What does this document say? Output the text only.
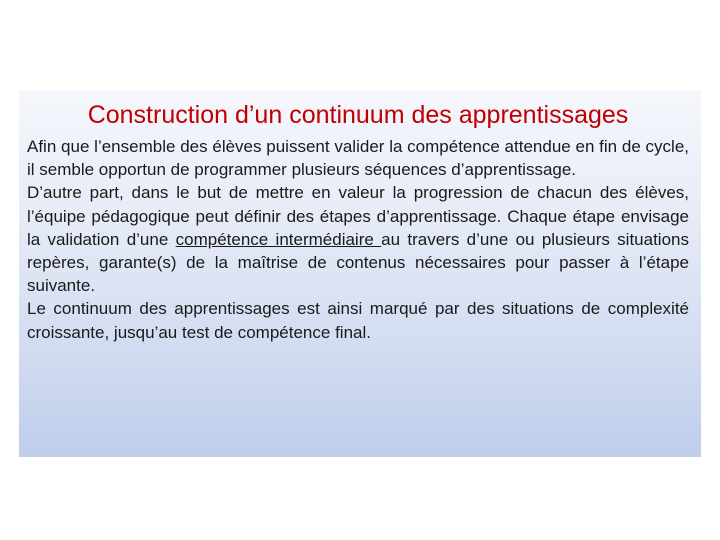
Construction d’un continuum des apprentissages

Afin que l’ensemble des élèves puissent valider la compétence attendue en fin de cycle, il semble opportun de programmer plusieurs séquences d’apprentissage.

D’autre part, dans le but de mettre en valeur la progression de chacun des élèves, l’équipe pédagogique peut définir des étapes d’apprentissage. Chaque étape envisage la validation d’une compétence intermédiaire au travers d’une ou plusieurs situations repères, garante(s) de la maîtrise de contenus nécessaires pour passer à l’étape suivante.

Le continuum des apprentissages est ainsi marqué par des situations de complexité croissante, jusqu’au test de compétence final.
